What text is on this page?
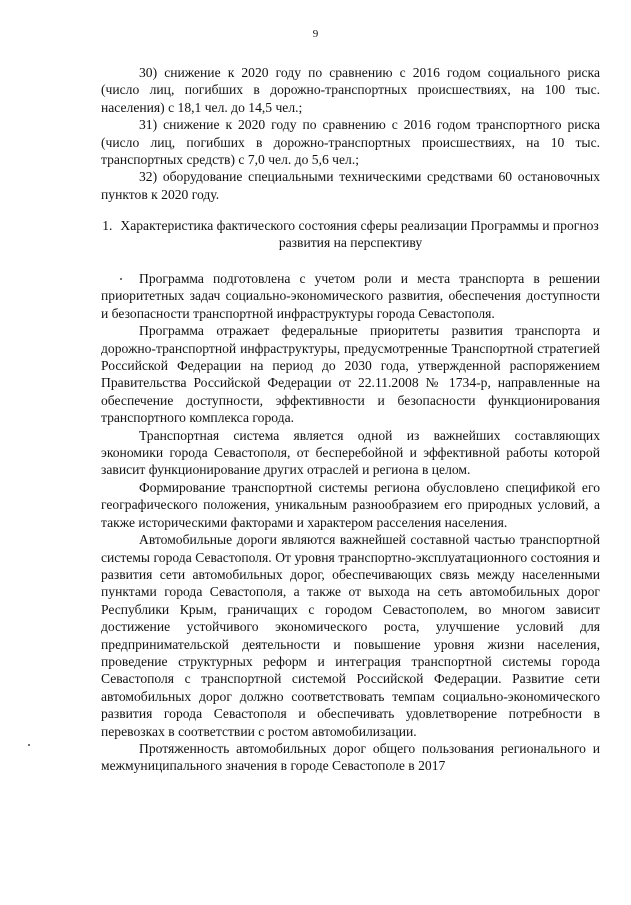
9

30) снижение к 2020 году по сравнению с 2016 годом социального риска (число лиц, погибших в дорожно-транспортных происшествиях, на 100 тыс. населения) с 18,1 чел. до 14,5 чел.;

31) снижение к 2020 году по сравнению с 2016 годом транспортного риска (число лиц, погибших в дорожно-транспортных происшествиях, на 10 тыс. транспортных средств) с 7,0 чел. до 5,6 чел.;

32) оборудование специальными техническими средствами 60 остановочных пунктов к 2020 году.

1. Характеристика фактического состояния сферы реализации Программы и прогноз развития на перспективу

Программа подготовлена с учетом роли и места транспорта в решении приоритетных задач социально-экономического развития, обеспечения доступности и безопасности транспортной инфраструктуры города Севастополя.

Программа отражает федеральные приоритеты развития транспорта и дорожно-транспортной инфраструктуры, предусмотренные Транспортной стратегией Российской Федерации на период до 2030 года, утвержденной распоряжением Правительства Российской Федерации от 22.11.2008 № 1734-р, направленные на обеспечение доступности, эффективности и безопасности функционирования транспортного комплекса города.

Транспортная система является одной из важнейших составляющих экономики города Севастополя, от бесперебойной и эффективной работы которой зависит функционирование других отраслей и региона в целом.

Формирование транспортной системы региона обусловлено спецификой его географического положения, уникальным разнообразием его природных условий, а также историческими факторами и характером расселения населения.

Автомобильные дороги являются важнейшей составной частью транспортной системы города Севастополя. От уровня транспортно-эксплуатационного состояния и развития сети автомобильных дорог, обеспечивающих связь между населенными пунктами города Севастополя, а также от выхода на сеть автомобильных дорог Республики Крым, граничащих с городом Севастополем, во многом зависит достижение устойчивого экономического роста, улучшение условий для предпринимательской деятельности и повышение уровня жизни населения, проведение структурных реформ и интеграция транспортной системы города Севастополя с транспортной системой Российской Федерации. Развитие сети автомобильных дорог должно соответствовать темпам социально-экономического развития города Севастополя и обеспечивать удовлетворение потребности в перевозках в соответствии с ростом автомобилизации.

Протяженность автомобильных дорог общего пользования регионального и межмуниципального значения в городе Севастополе в 2017
